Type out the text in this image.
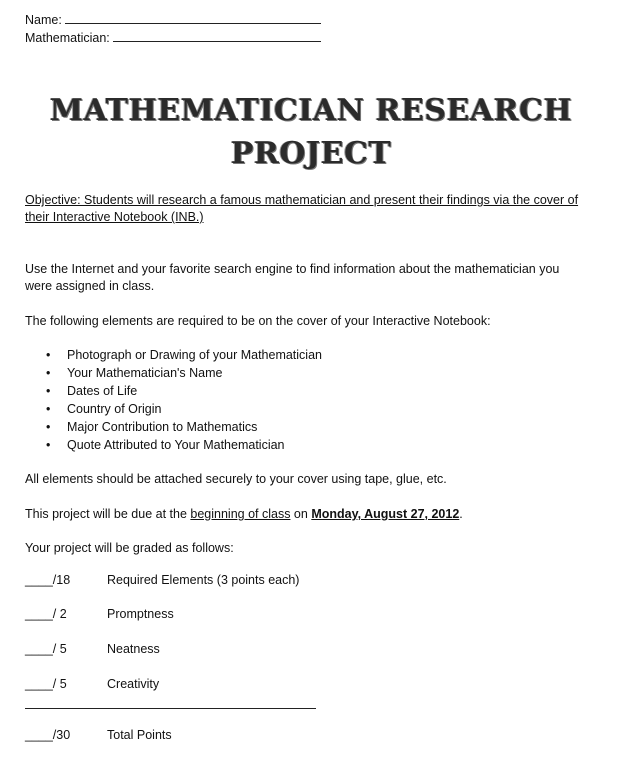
Name:
Mathematician:
MATHEMATICIAN RESEARCH
PROJECT
Objective: Students will research a famous mathematician and present their findings via the cover of
their Interactive Notebook (INB.)
Use the Internet and your favorite search engine to find information about the mathematician you
were assigned in class.
The following elements are required to be on the cover of your Interactive Notebook:
• Photograph or Drawing of your Mathematician
• Your Mathematician's Name
• Dates of Life
• Country of Origin
• Major Contribution to Mathematics
• Quote Attributed to Your Mathematician
All elements should be attached securely to your cover using tape, glue, etc.
This project will be due at the beginning of class on Monday, August 27, 2012.
Your project will be graded as follows:
____/18	Required Elements (3 points each)
____/ 2	Promptness
____/ 5	Neatness
____/ 5	Creativity
____/30	Total Points
